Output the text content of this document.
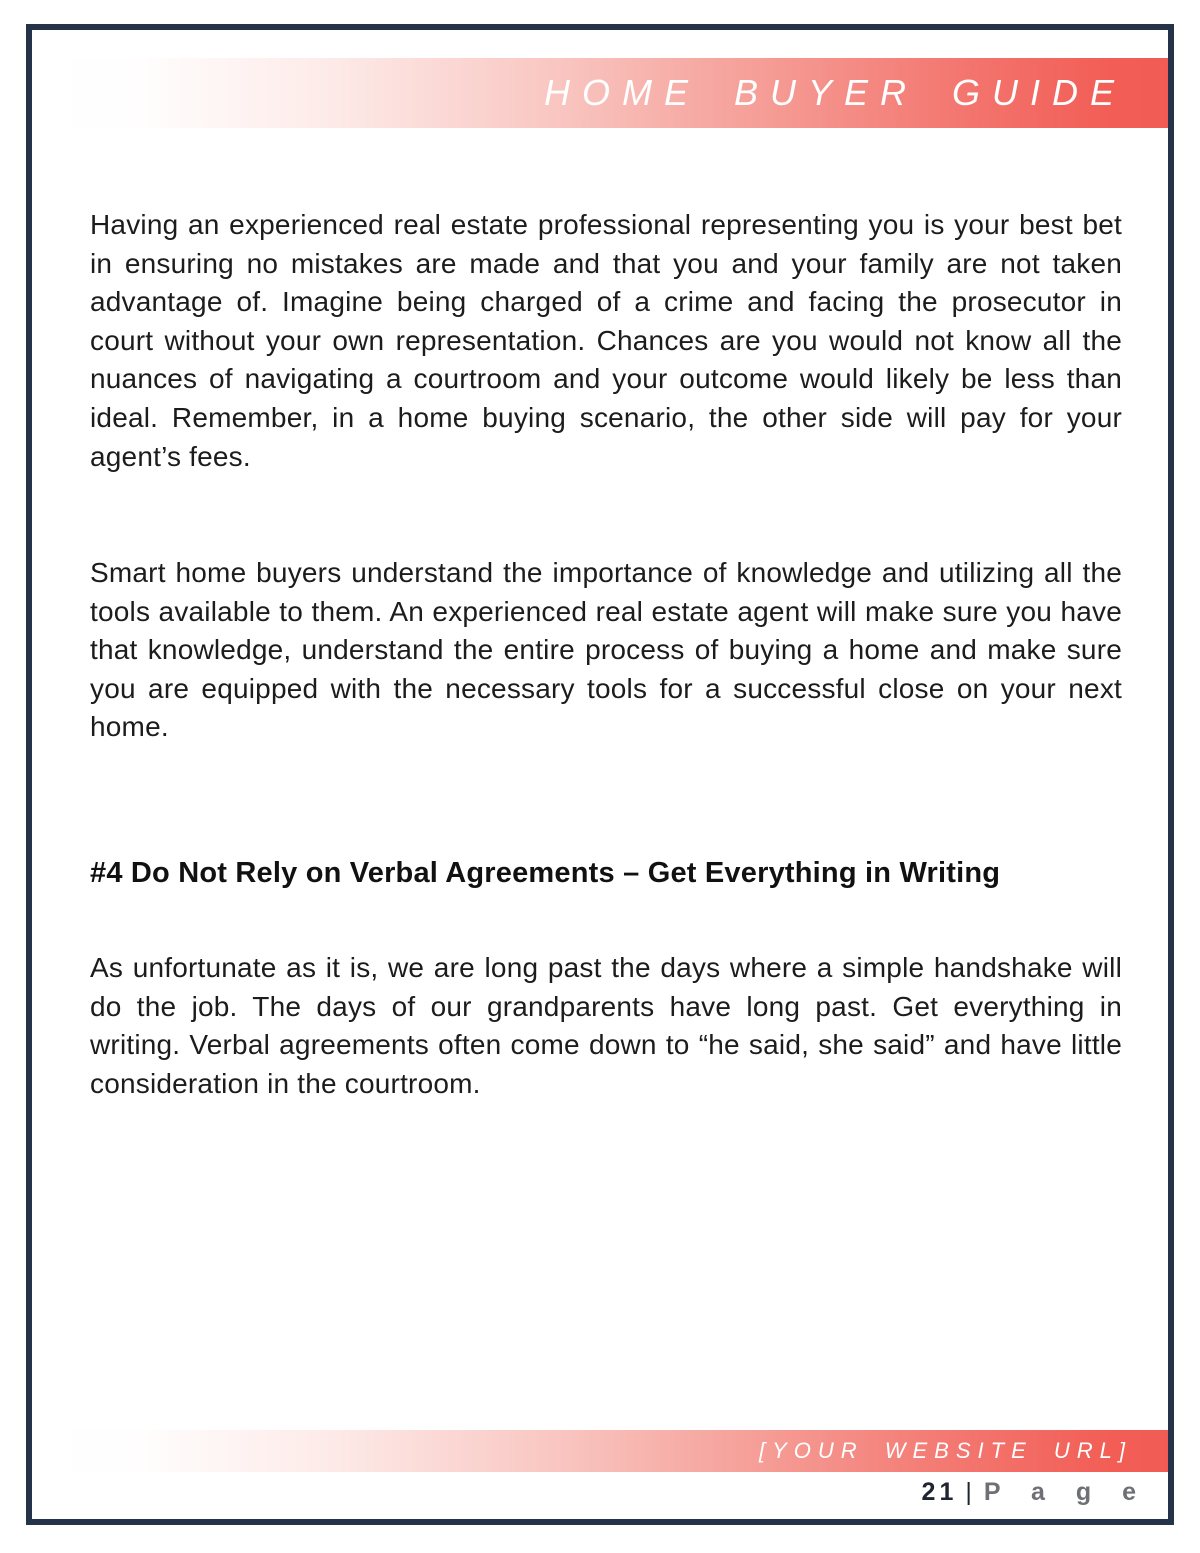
HOME BUYER GUIDE

Having an experienced real estate professional representing you is your best bet in ensuring no mistakes are made and that you and your family are not taken advantage of. Imagine being charged of a crime and facing the prosecutor in court without your own representation. Chances are you would not know all the nuances of navigating a courtroom and your outcome would likely be less than ideal. Remember, in a home buying scenario, the other side will pay for your agent’s fees.

Smart home buyers understand the importance of knowledge and utilizing all the tools available to them. An experienced real estate agent will make sure you have that knowledge, understand the entire process of buying a home and make sure you are equipped with the necessary tools for a successful close on your next home.

#4 Do Not Rely on Verbal Agreements – Get Everything in Writing

As unfortunate as it is, we are long past the days where a simple handshake will do the job. The days of our grandparents have long past. Get everything in writing. Verbal agreements often come down to “he said, she said” and have little consideration in the courtroom.

[YOUR WEBSITE URL]
21 | P a g e
